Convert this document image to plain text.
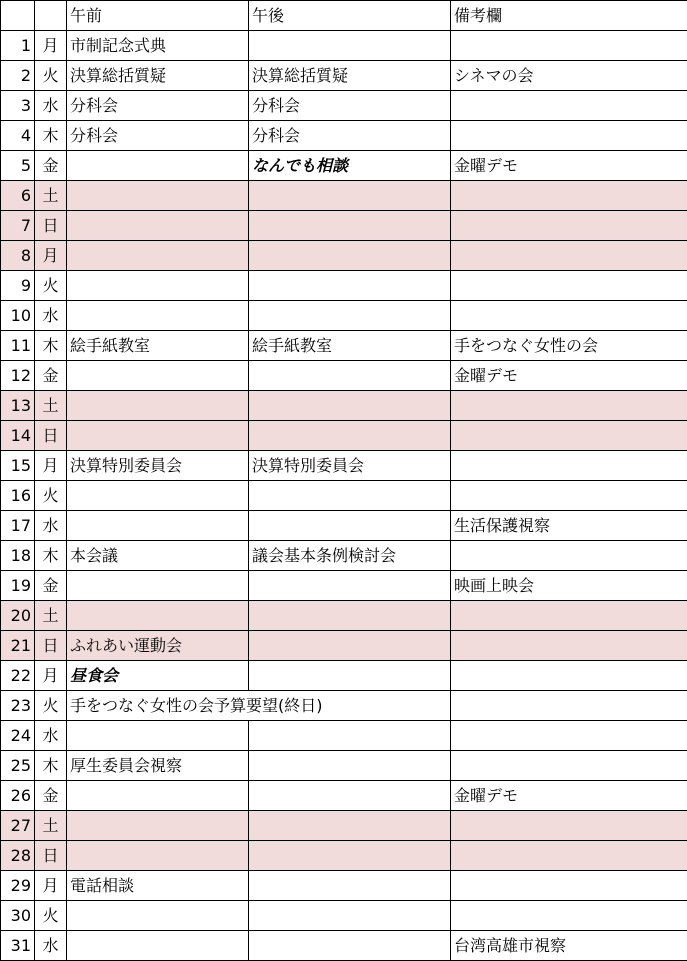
		午前	午後	備考欄
1	月	市制記念式典		
2	火	決算総括質疑	決算総括質疑	シネマの会
3	水	分科会	分科会	
4	木	分科会	分科会	
5	金		なんでも相談	金曜デモ
6	土			
7	日			
8	月			
9	火			
10	水			
11	木	絵手紙教室	絵手紙教室	手をつなぐ女性の会
12	金			金曜デモ
13	土			
14	日			
15	月	決算特別委員会	決算特別委員会	
16	火			
17	水			生活保護視察
18	木	本会議	議会基本条例検討会	
19	金			映画上映会
20	土			
21	日	ふれあい運動会		
22	月	昼食会		
23	火	手をつなぐ女性の会予算要望(終日)		

24	水			
25	木	厚生委員会視察		
26	金			金曜デモ
27	土			
28	日			
29	月	電話相談		
30	火			
31	水			台湾高雄市視察
